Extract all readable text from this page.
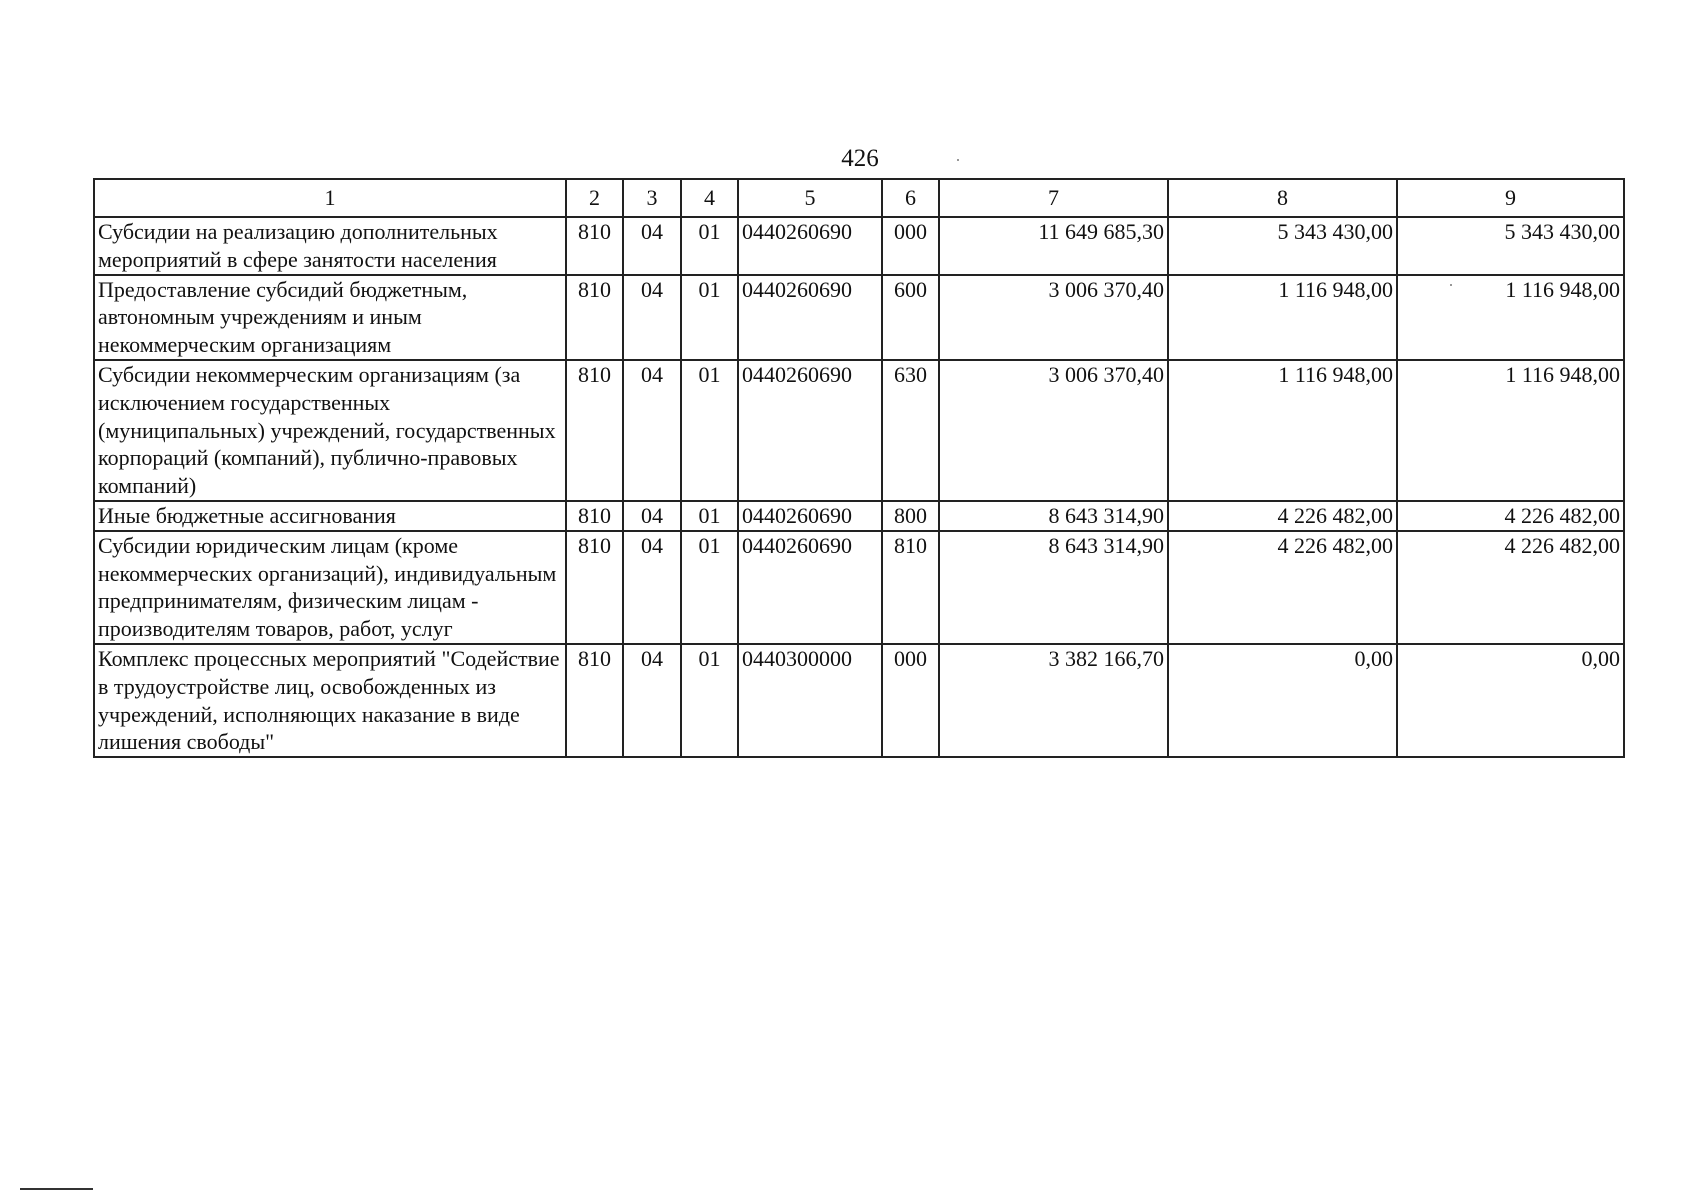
426
1	2	3	4	5	6	7	8	9
Субсидии на реализацию дополнительных мероприятий в сфере занятости населения	810	04	01	0440260690	000	11 649 685,30	5 343 430,00	5 343 430,00
Предоставление субсидий бюджетным, автономным учреждениям и иным некоммерческим организациям	810	04	01	0440260690	600	3 006 370,40	1 116 948,00	1 116 948,00
Субсидии некоммерческим организациям (за исключением государственных (муниципальных) учреждений, государственных корпораций (компаний), публично-правовых компаний)	810	04	01	0440260690	630	3 006 370,40	1 116 948,00	1 116 948,00
Иные бюджетные ассигнования	810	04	01	0440260690	800	8 643 314,90	4 226 482,00	4 226 482,00
Субсидии юридическим лицам (кроме некоммерческих организаций), индивидуальным предпринимателям, физическим лицам - производителям товаров, работ, услуг	810	04	01	0440260690	810	8 643 314,90	4 226 482,00	4 226 482,00
Комплекс процессных мероприятий "Содействие в трудоустройстве лиц, освобожденных из учреждений, исполняющих наказание в виде лишения свободы"	810	04	01	0440300000	000	3 382 166,70	0,00	0,00
